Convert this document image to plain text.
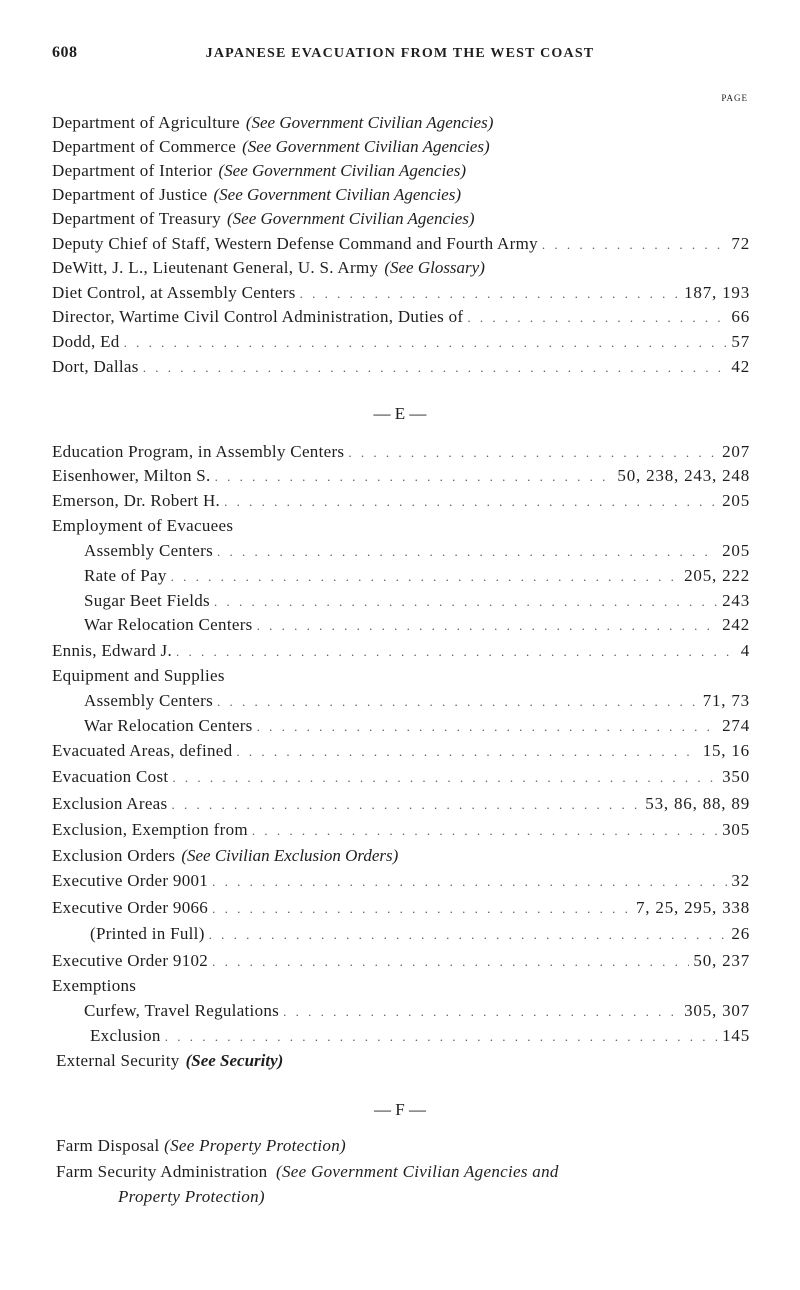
608	JAPANESE EVACUATION FROM THE WEST COAST
PAGE
Department of Agriculture (See Government Civilian Agencies)
Department of Commerce (See Government Civilian Agencies)
Department of Interior (See Government Civilian Agencies)
Department of Justice (See Government Civilian Agencies)
Department of Treasury (See Government Civilian Agencies)
Deputy Chief of Staff, Western Defense Command and Fourth Army . . .	72
DeWitt, J. L., Lieutenant General, U. S. Army (See Glossary)
Diet Control, at Assembly Centers . . .	187, 193
Director, Wartime Civil Control Administration, Duties of . . .	66
Dodd, Ed . . .	57
Dort, Dallas . . .	42
— E —
Education Program, in Assembly Centers . . .	207
Eisenhower, Milton S. . . .	50, 238, 243, 248
Emerson, Dr. Robert H. . . .	205
Employment of Evacuees
Assembly Centers . . .	205
Rate of Pay . . .	205, 222
Sugar Beet Fields . . .	243
War Relocation Centers . . .	242
Ennis, Edward J. . . .	4
Equipment and Supplies
Assembly Centers . . .	71, 73
War Relocation Centers . . .	274
Evacuated Areas, defined . . .	15, 16
Evacuation Cost . . .	350
Exclusion Areas . . .	53, 86, 88, 89
Exclusion, Exemption from . . .	305
Exclusion Orders (See Civilian Exclusion Orders)
Executive Order 9001 . . .	32
Executive Order 9066 . . .	7, 25, 295, 338
(Printed in Full) . . .	26
Executive Order 9102 . . .	50, 237
Exemptions
Curfew, Travel Regulations . . .	305, 307
Exclusion . . .	145
External Security (See Security)
— F —
Farm Disposal (See Property Protection)
Farm Security Administration (See Government Civilian Agencies and
Property Protection)
